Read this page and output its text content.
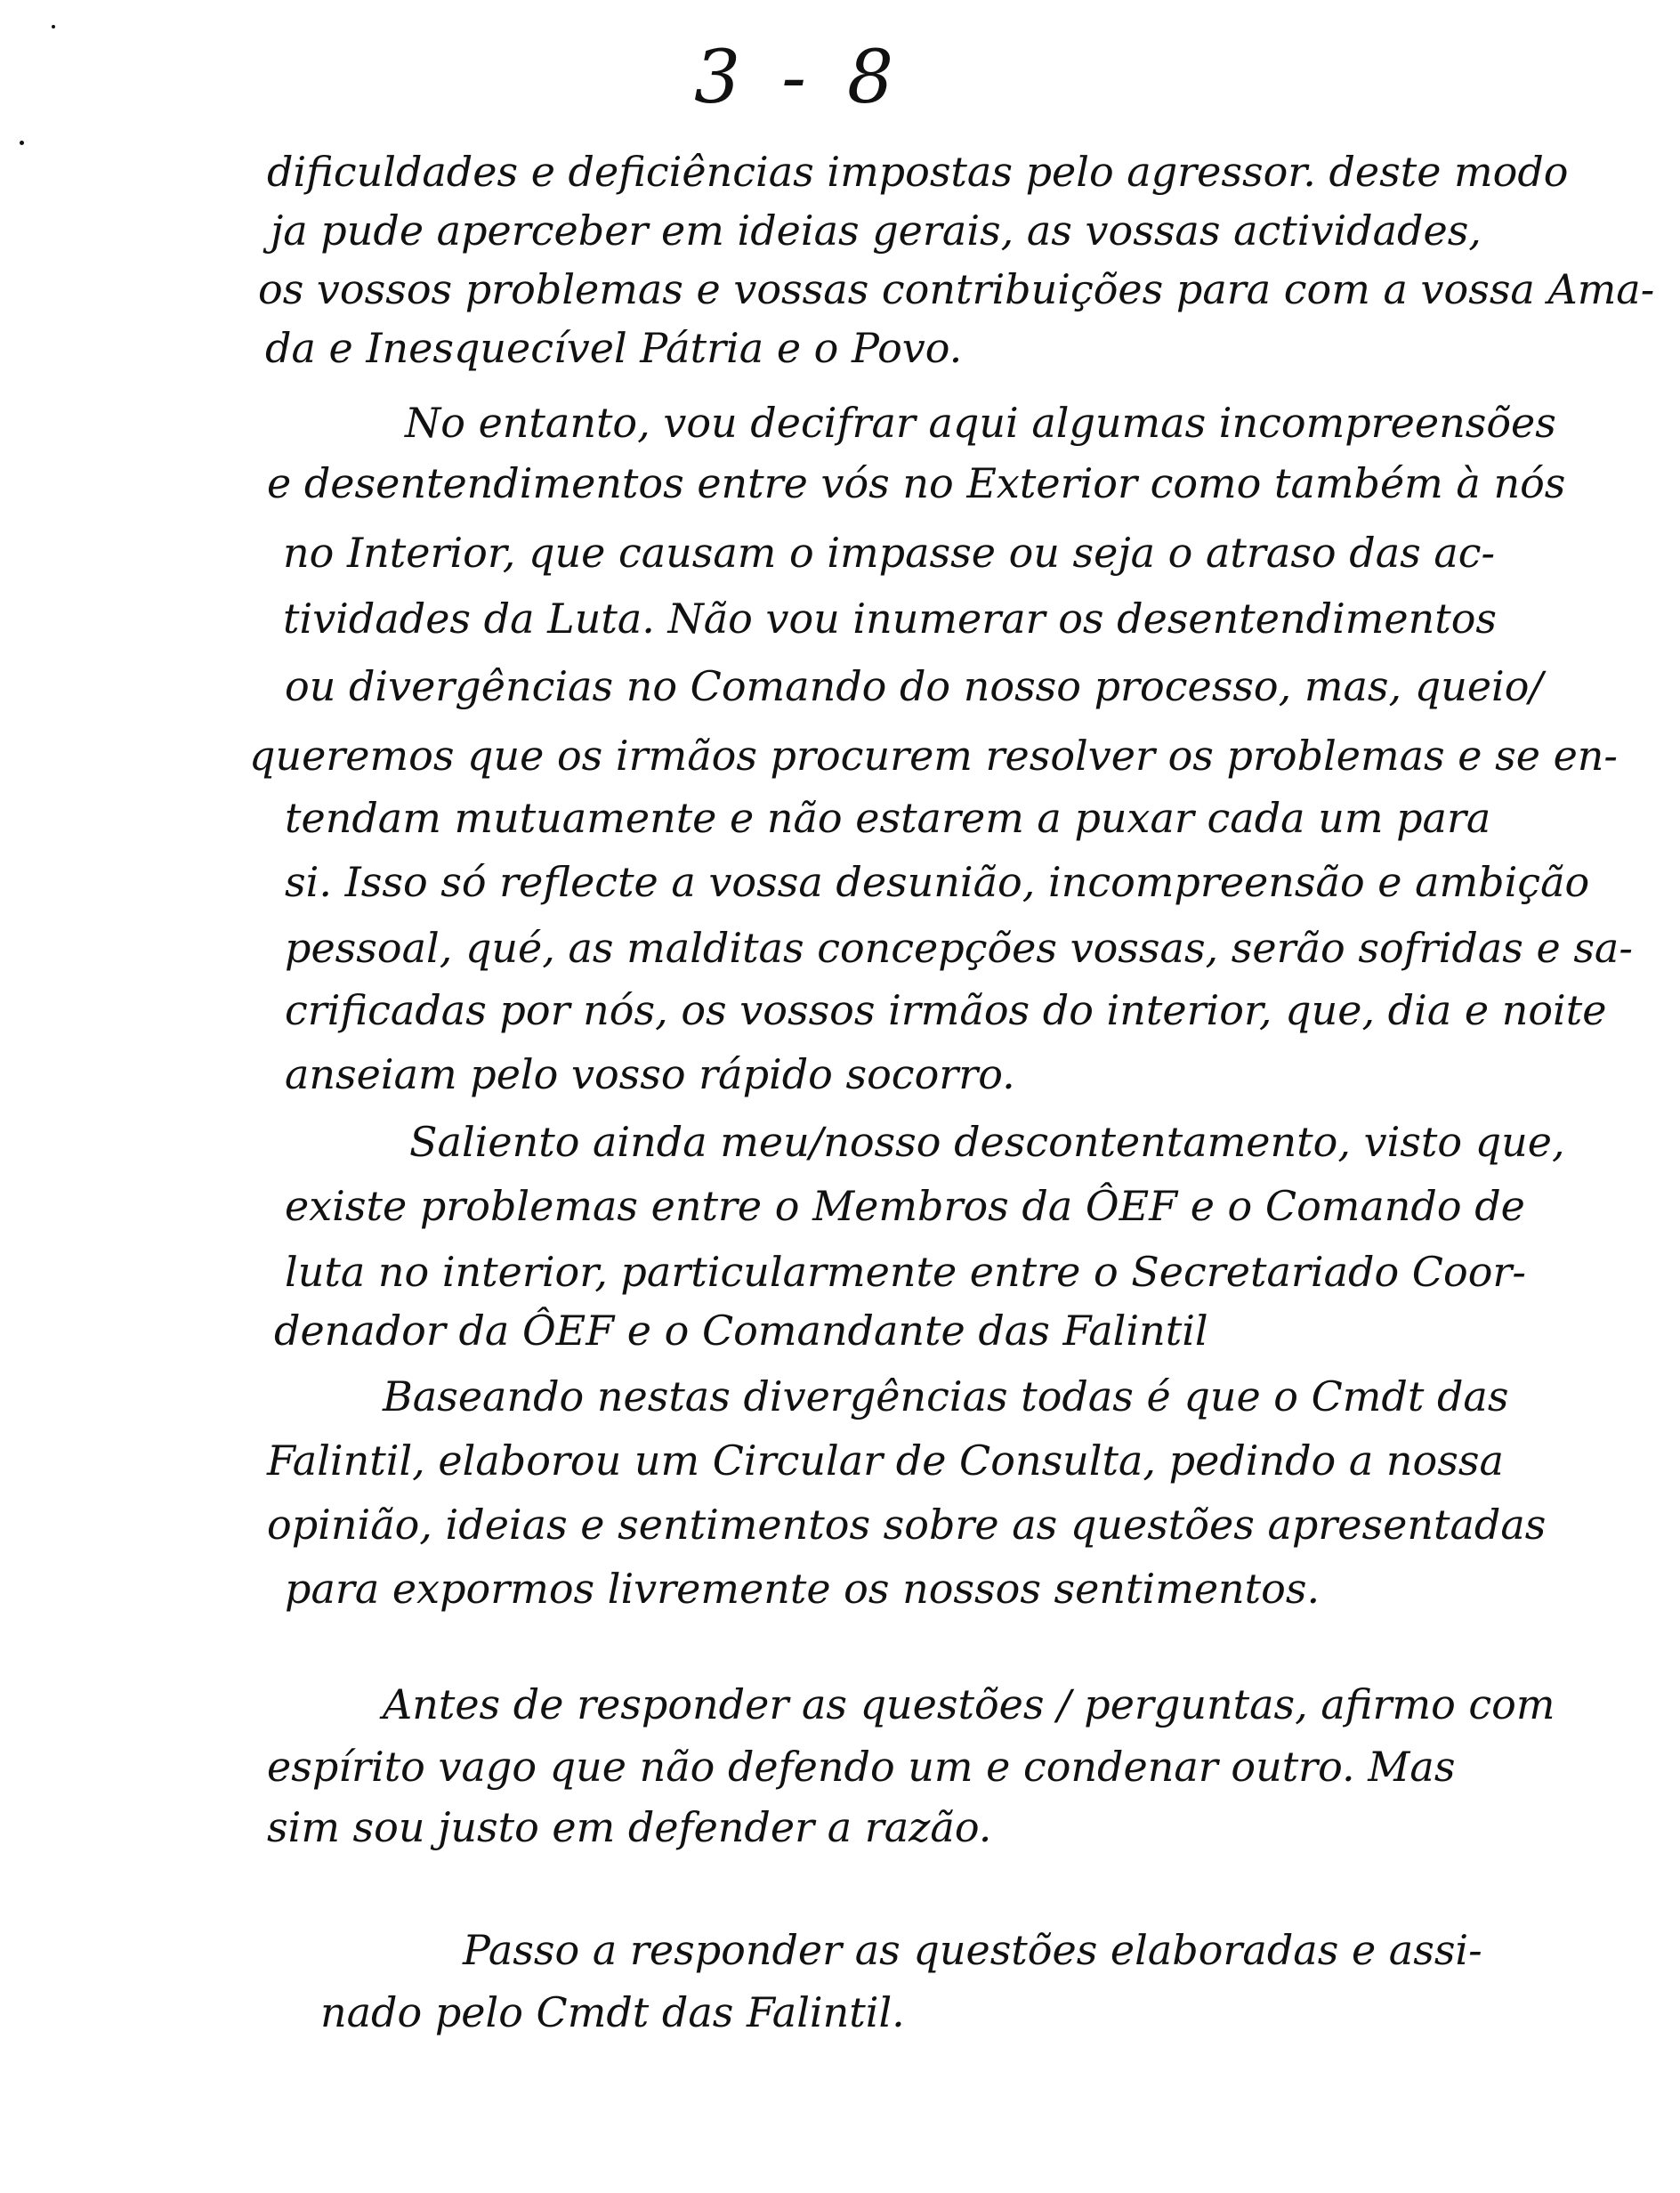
3 - 8
dificuldades e deficiências impostas pelo agressor. deste modo
ja pude aperceber em ideias gerais, as vossas actividades,
os vossos problemas e vossas contribuições para com a vossa Ama-
da e Inesquecível Pátria e o Povo.
No entanto, vou decifrar aqui algumas incompreensões
e desentendimentos entre vós no Exterior como também à nós
no Interior, que causam o impasse ou seja o atraso das ac-
tividades da Luta. Não vou inumerar os desentendimentos
ou divergências no Comando do nosso processo, mas, queio/
queremos que os irmãos procurem resolver os problemas e se en-
tendam mutuamente e não estarem a puxar cada um para
si. Isso só reflecte a vossa desunião, incompreensão e ambição
pessoal, qué, as malditas concepções vossas, serão sofridas e sa-
crificadas por nós, os vossos irmãos do interior, que, dia e noite
anseiam pelo vosso rápido socorro.
Saliento ainda meu/nosso descontentamento, visto que,
existe problemas entre o Membros da ÔEF e o Comando de
luta no interior, particularmente entre o Secretariado Coor-
denador da ÔEF e o Comandante das Falintil
Baseando nestas divergências todas é que o Cmdt das
Falintil, elaborou um Circular de Consulta, pedindo a nossa
opinião, ideias e sentimentos sobre as questões apresentadas
para expormos livremente os nossos sentimentos.
Antes de responder as questões / perguntas, afirmo com
espírito vago que não defendo um e condenar outro. Mas
sim sou justo em defender a razão.
Passo a responder as questões elaboradas e assi-
nado pelo Cmdt das Falintil.
